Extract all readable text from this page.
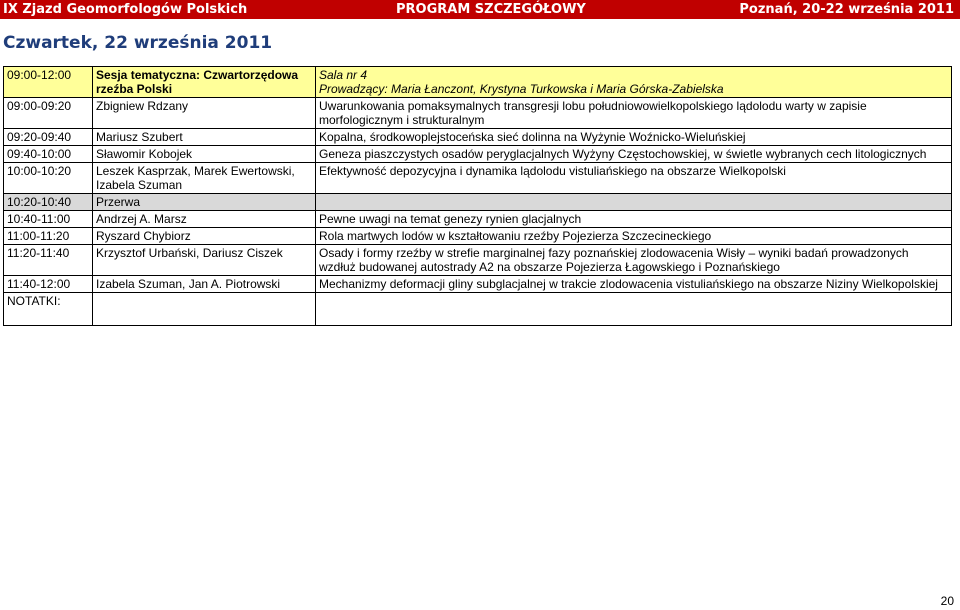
IX Zjazd Geomorfologów Polskich	PROGRAM SZCZEGÓŁOWY	Poznań, 20-22 września 2011
Czwartek, 22 września 2011
09:00-12:00	Sesja tematyczna: Czwartorzędowa rzeźba Polski	Sala nr 4
Prowadzący: Maria Łanczont, Krystyna Turkowska i Maria Górska-Zabielska

09:00-09:20	Zbigniew Rdzany	Uwarunkowania pomaksymalnych transgresji lobu południowowielkopolskiego lądolodu warty w zapisie morfologicznym i strukturalnym
09:20-09:40	Mariusz Szubert	Kopalna, środkowoplejstoceńska sieć dolinna na Wyżynie Woźnicko-Wieluńskiej
09:40-10:00	Sławomir Kobojek	Geneza piaszczystych osadów peryglacjalnych Wyżyny Częstochowskiej, w świetle wybranych cech litologicznych
10:00-10:20	Leszek Kasprzak, Marek Ewertowski, Izabela Szuman	Efektywność depozycyjna i dynamika lądolodu vistuliańskiego na obszarze Wielkopolski
10:20-10:40	Przerwa	
10:40-11:00	Andrzej A. Marsz	Pewne uwagi na temat genezy rynien glacjalnych
11:00-11:20	Ryszard Chybiorz	Rola martwych lodów w kształtowaniu rzeźby Pojezierza Szczecineckiego
11:20-11:40	Krzysztof Urbański, Dariusz Ciszek	Osady i formy rzeźby w strefie marginalnej fazy poznańskiej zlodowacenia Wisły – wyniki badań prowadzonych wzdłuż budowanej autostrady A2 na obszarze Pojezierza Łagowskiego i Poznańskiego
11:40-12:00	Izabela Szuman, Jan A. Piotrowski	Mechanizmy deformacji gliny subglacjalnej w trakcie zlodowacenia vistuliańskiego na obszarze Niziny Wielkopolskiej
NOTATKI:		
20
